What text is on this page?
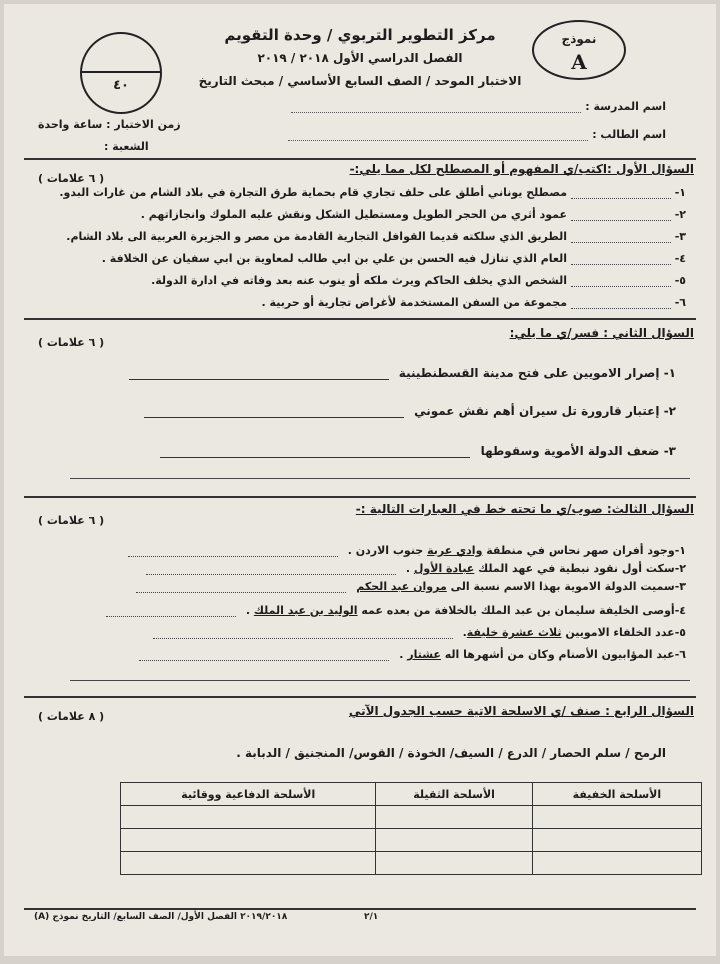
مركز التطوير التربوي / وحدة التقويم
الفصل الدراسي الأول ٢٠١٨ / ٢٠١٩
الاختبار الموحد / الصف السابع الأساسي / مبحث التاريخ
نموذج
A
٤٠
اسم المدرسة :
اسم الطالب :
زمن الاختبار : ساعة واحدة
الشعبة :
السؤال الأول :اكتب/ي المفهوم أو المصطلح لكل مما يلي:-
( ٦ علامات )
١-  مصطلح يوناني أطلق على حلف تجاري قام بحماية طرق التجارة في بلاد الشام من غارات البدو.
٢-  عمود أثري من الحجر الطويل ومستطيل الشكل ونقش عليه الملوك وانجازاتهم .
٣-  الطريق الذي سلكته قديما القوافل التجارية القادمة من مصر و الجزيرة العربية الى بلاد الشام.
٤-  العام الذي تنازل فيه الحسن بن علي بن ابي طالب لمعاوية بن ابي سفيان عن الخلافة .
٥-  الشخص الذي يخلف الحاكم ويرث ملكه أو ينوب عنه بعد وفاته في ادارة الدولة.
٦-  مجموعة من السفن المستخدمة لأغراض تجارية أو حربية .
السؤال الثاني : فسر/ي ما يلي:
( ٦ علامات )
١- إصرار الامويين على فتح مدينة القسطنطينية
٢- إعتبار قارورة تل سيران أهم نقش عموني
٣- ضعف الدولة الأموية وسقوطها
السؤال الثالث: صوب/ي ما تحته خط في العبارات التالية :-
( ٦ علامات )
١-وجود أفران صهر نحاس في منطقة وادي عربة جنوب الاردن .
٢-سكت أول نقود نبطية في عهد الملك عبادة الأول .
٣-سميت الدولة الاموية بهذا الاسم نسبة الى مروان عبد الحكم
٤-أوصى الخليفة سليمان بن عبد الملك بالخلافة من بعده عمه الوليد بن عبد الملك .
٥-عدد الخلفاء الامويين ثلاث عشرة خليفة.
٦-عبد المؤابيون الأصنام وكان من أشهرها اله عشتار .
السؤال الرابع : صنف /ي الاسلحة الاتية حسب الجدول الآتي
( ٨ علامات )
الرمح / سلم الحصار / الدرع / السيف/ الخوذة / القوس/ المنجنيق / الدبابة .
الأسلحة الخفيفة	الأسلحة الثقيلة	الأسلحة الدفاعية ووقائية

٢/١
٢٠١٩/٢٠١٨ الفصل الأول/ الصف السابع/ التاريخ نموذج (A)
